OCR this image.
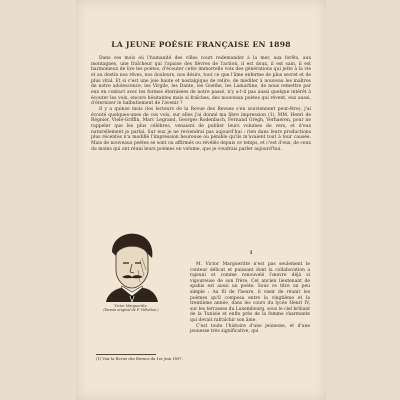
LA JEUNE POÉSIE FRANÇAISE EN 1898

Dans ces mois où l'humanité des villes court redemander à la mer, aux forêts, aux montagnes, une fraîcheur qui l'apaise des fièvres de l'action, il est doux, il est sain, il est harmonieux de lire les poètes, d'écouter cette immortelle voix des générations qui jette à la vie et au destin nos rêves, nos douleurs, nos désirs, tout ce que l'âme enferme de plus secret et de plus vital. Et si c'est une joie haute et nostalgique de relire, de méditer à nouveau les maîtres de notre adolescence, les Virgile, les Dante, les Goethe, les Lamartine, de nous remettre par eux en contact avec les formes éternisées de notre passé, n'y a-t-il pas aussi quelque intérêt à écouter les voix, encore hésitantes mais si fraîches, des nouveaux poètes qui révent, eux aussi, d'éterniser le balbutiement de l'avenir ?

Il y a quinze mois (les lecteurs de la Revue des Revues s'en souviennent peut-être), j'ai écouté quelques-unes de ces voix, sur elles j'ai donné ma libre impression (1). MM. Henri de Régnier, Vielé-Griffin, Marc Legrand, Georges Rodenbach, Fernand Gregh, Verhaeren, pour ne rappeler que les plus célèbres, venaient de publier leurs volumes de vers, et d'eux naturellement je parlai. Sur eux je ne reviendrai pas aujourd'hui : rien dans leurs productions plus récentes n'a modifié l'impression heureuse ou pénible qu'ils m'avaient tout à tour causée. Mais de nouveaux poètes se sont ou affirmés ou révélés depuis ce temps, et c'est d'eux, de ceux du moins qui ont réuni leurs poèmes en volume, que je voudrais parler aujourd'hui.

Victor Margueritte.
(Dessin original de F. Vallotton.)
I

M. Victor Margueritte n'est pas seulement le conteur délicat et puissant dont la collaboration a rajeuni et comme renouvelé l'œuvre déjà si vigoureuse de son frère. Cet ancien lieutenant de spahis est aussi un poète. Sous ce titre un peu simple : Au fil de l'heure, il vient de réunir les poèmes qu'il composa entre la vingtième et la trentième année, dans les cours du lycée Henri IV, sur les terrasses du Luxembourg, sous le ciel brûlant de la Tunisie et enfin près de la femme charmante qui devait rafraîchir son âme.

C'est toute l'histoire d'une jeunesse, et d'une jeunesse très significative, qui

(1) Voir la Revue des Revues du 1er juin 1897.
